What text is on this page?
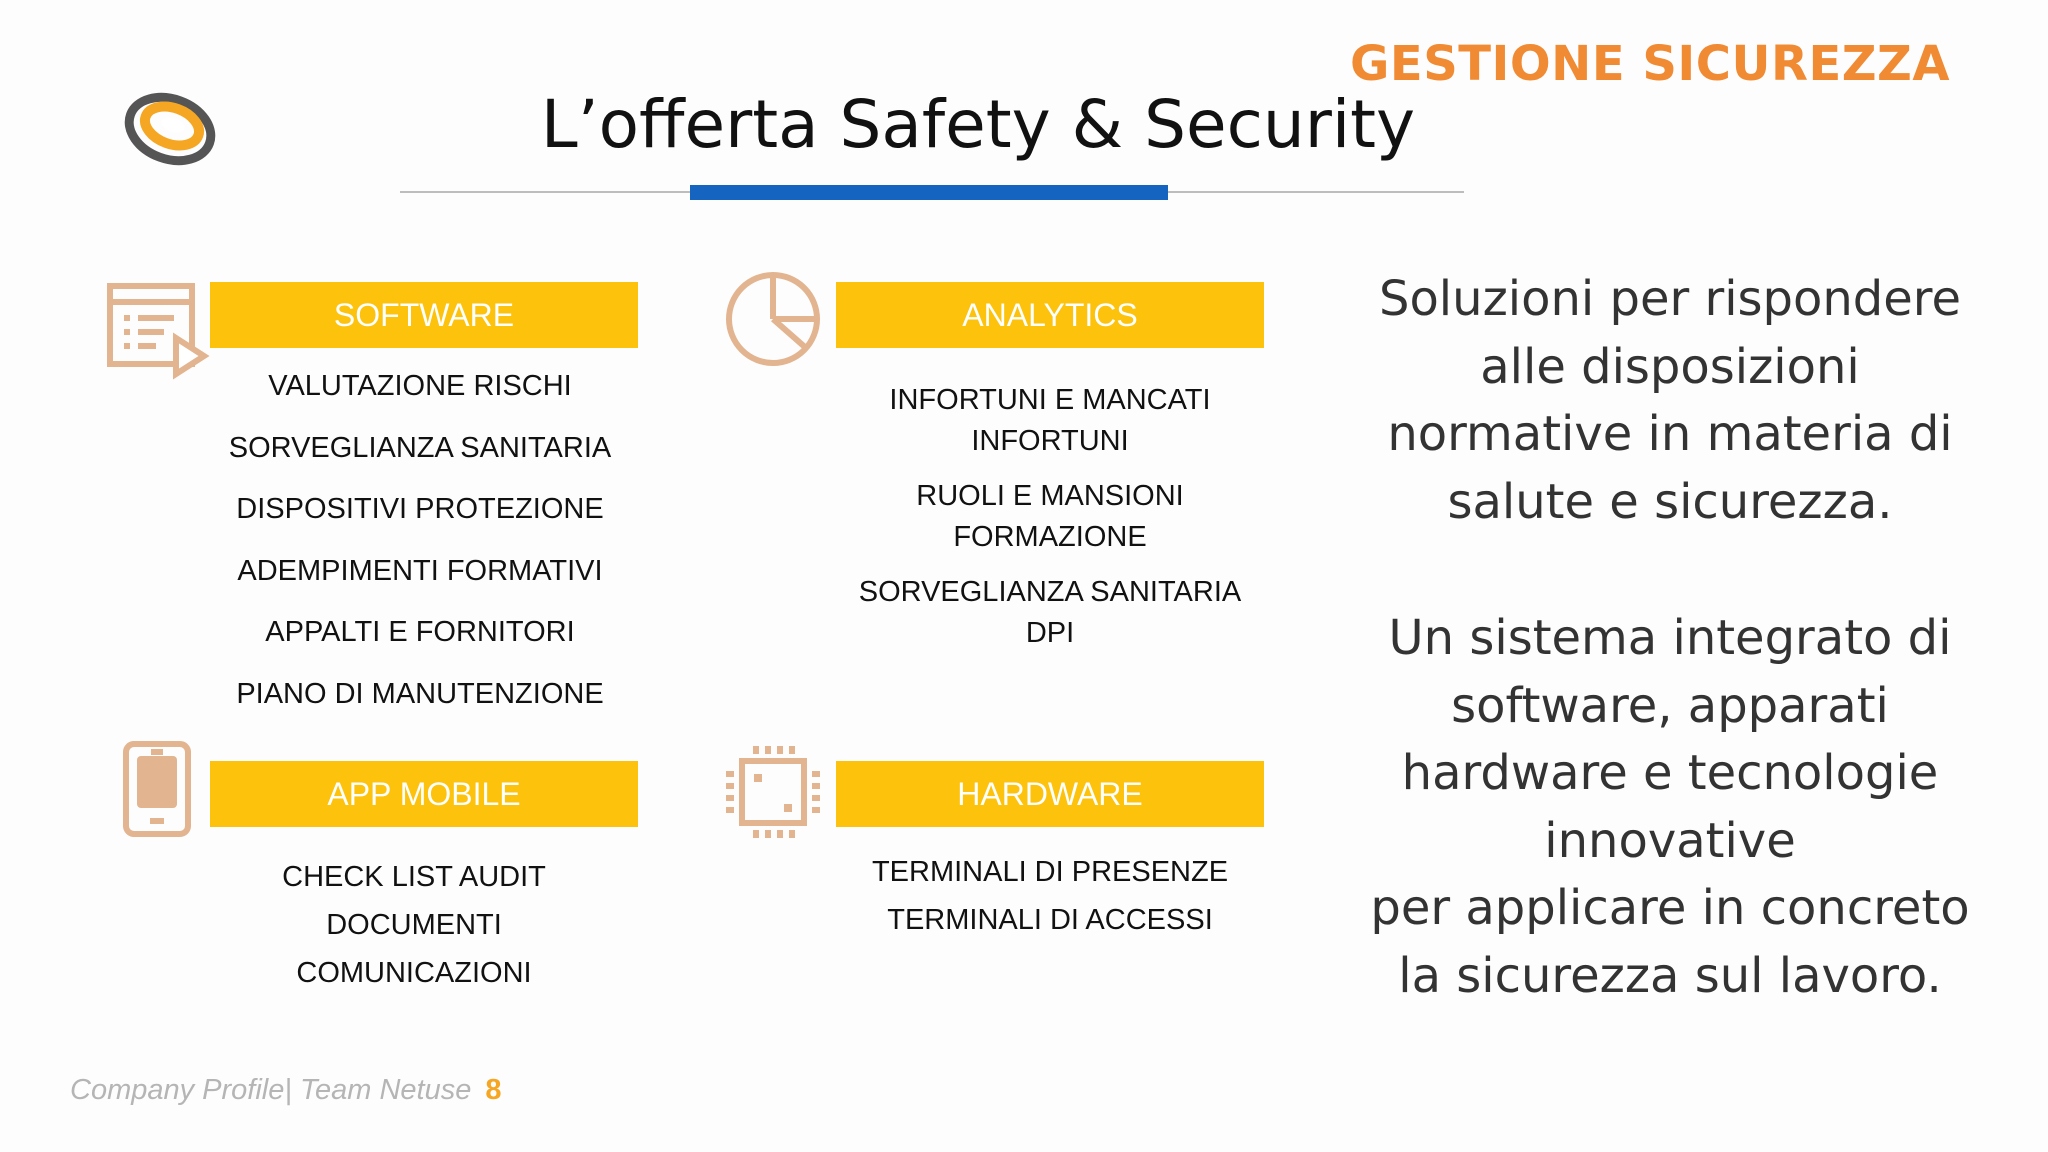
GESTIONE SICUREZZA
L’offerta Safety & Security
SOFTWARE
VALUTAZIONE RISCHI
SORVEGLIANZA SANITARIA
DISPOSITIVI PROTEZIONE
ADEMPIMENTI FORMATIVI
APPALTI E FORNITORI
PIANO DI MANUTENZIONE
ANALYTICS
INFORTUNI E MANCATI
INFORTUNI
RUOLI E MANSIONI
FORMAZIONE
SORVEGLIANZA SANITARIA
DPI
APP MOBILE
CHECK LIST AUDIT
DOCUMENTI
COMUNICAZIONI
HARDWARE
TERMINALI DI PRESENZE
TERMINALI DI ACCESSI
Soluzioni per rispondere
alle disposizioni
normative in materia di
salute e sicurezza.
Un sistema integrato di
software, apparati
hardware e tecnologie
innovative
per applicare in concreto
la sicurezza sul lavoro.
Company Profile| Team Netuse 8
